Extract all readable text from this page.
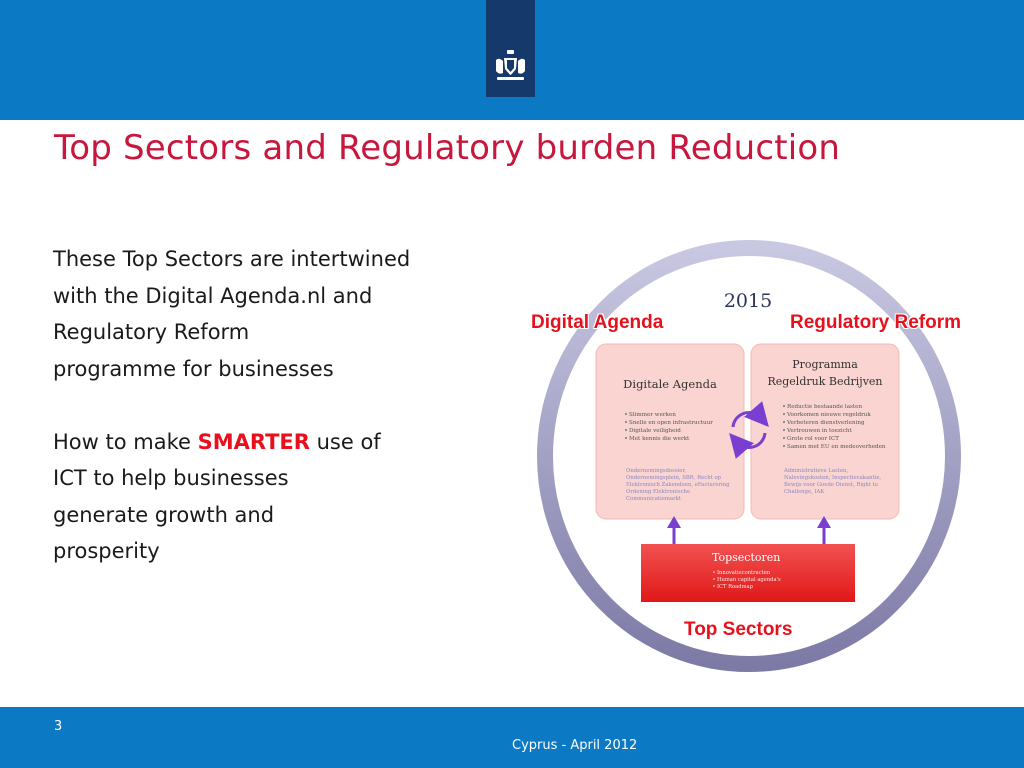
Top Sectors and Regulatory burden Reduction

These Top Sectors are intertwined

with the Digital Agenda.nl and

Regulatory Reform

programme for businesses

How to make SMARTER use of

ICT to help businesses

generate growth and

prosperity

2015
Digitale Agenda
Slimmer werken
Snelle en open infrastructuur
Digitale veiligheid
Met kennis die werkt
Ondernemingsdossier,
Ondernemingsplein, SBR, Recht op
Elektronisch Zakendoen, eFacturering
Ordening Elektronische
Communicatiemarkt
Programma
Regeldruk Bedrijven
Reductie bestaande lasten
Voorkomen nieuwe regeldruk
Verbeteren dienstverlening
Vertrouwen in toezicht
Grote rol voor ICT
Samen met EU en medeoverheden
Administratieve Lasten,
Nalevingskosten, Inspectievakantie,
Bewijs voor Goede Dienst, Right to
Challenge, IAK
Topsectoren
Innovatiecontracten
Human capital agenda's
ICT Roadmap
Digital Agenda	Regulatory Reform
Top Sectors
3
Cyprus - April 2012
